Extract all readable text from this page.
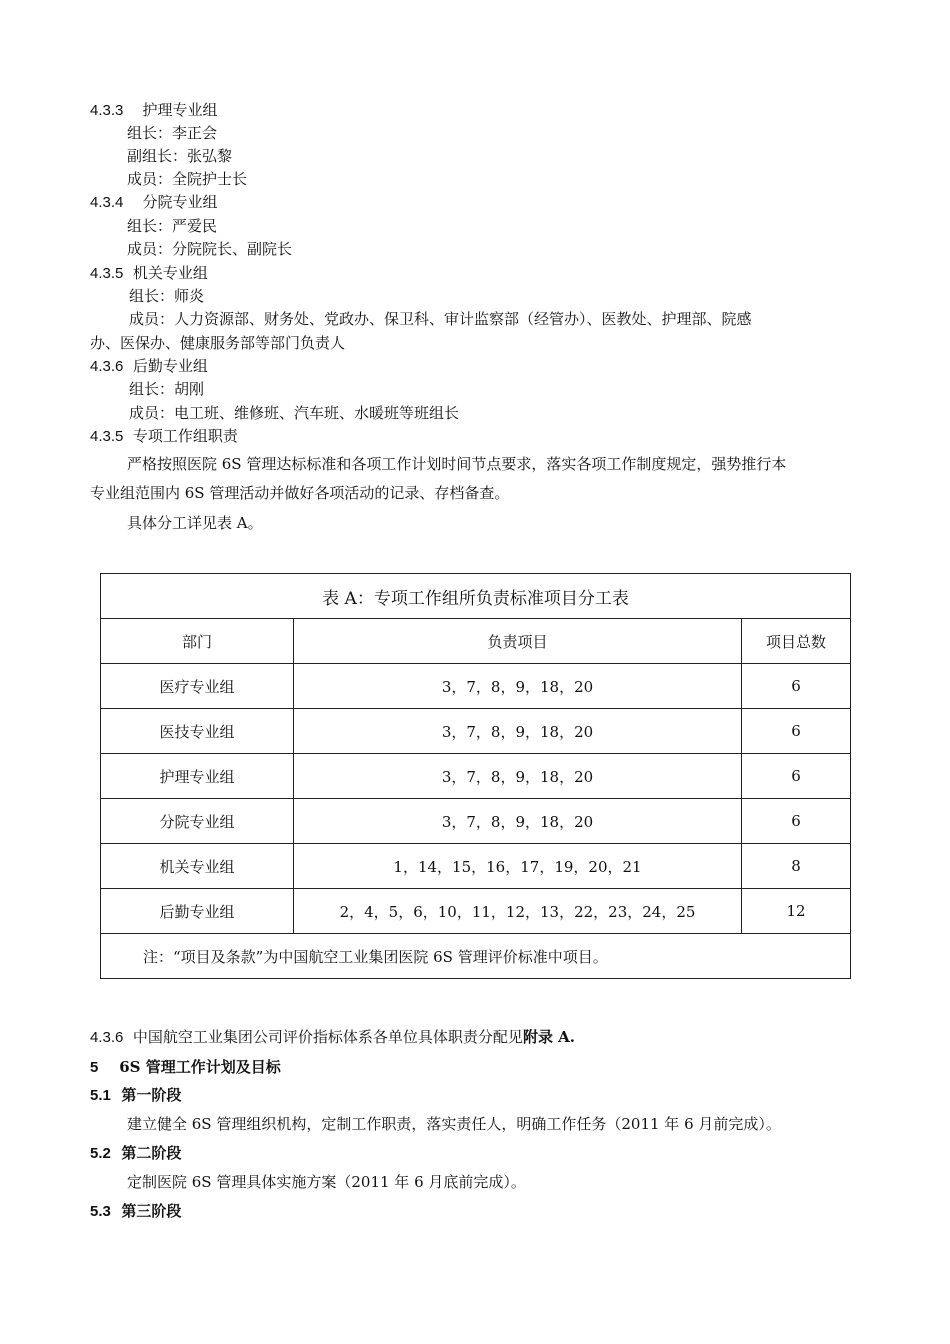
4.3.3 护理专业组
组长：李正会
副组长：张弘黎
成员：全院护士长
4.3.4 分院专业组
组长：严爱民
成员：分院院长、副院长
4.3.5 机关专业组
组长：师炎
成员：人力资源部、财务处、党政办、保卫科、审计监察部（经管办）、医教处、护理部、院感
办、医保办、健康服务部等部门负责人
4.3.6 后勤专业组
组长：胡刚
成员：电工班、维修班、汽车班、水暖班等班组长
4.3.5 专项工作组职责
严格按照医院 6S 管理达标标准和各项工作计划时间节点要求，落实各项工作制度规定，强势推行本
专业组范围内 6S 管理活动并做好各项活动的记录、存档备查。
具体分工详见表 A。
表 A：专项工作组所负责标准项目分工表		
部门	负责项目	项目总数
医疗专业组	3，7，8，9，18，20	6
医技专业组	3，7，8，9，18，20	6
护理专业组	3，7，8，9，18，20	6
分院专业组	3，7，8，9，18，20	6
机关专业组	1，14，15，16，17，19，20，21	8
后勤专业组	2，4，5，6，10，11，12，13，22，23，24，25	12
注：“项目及条款”为中国航空工业集团医院 6S 管理评价标准中项目。		
4.3.6 中国航空工业集团公司评价指标体系各单位具体职责分配见附录 A.
5 6S 管理工作计划及目标
5.1 第一阶段
建立健全 6S 管理组织机构，定制工作职责，落实责任人，明确工作任务（2011 年 6 月前完成）。
5.2 第二阶段
定制医院 6S 管理具体实施方案（2011 年 6 月底前完成）。
5.3 第三阶段
